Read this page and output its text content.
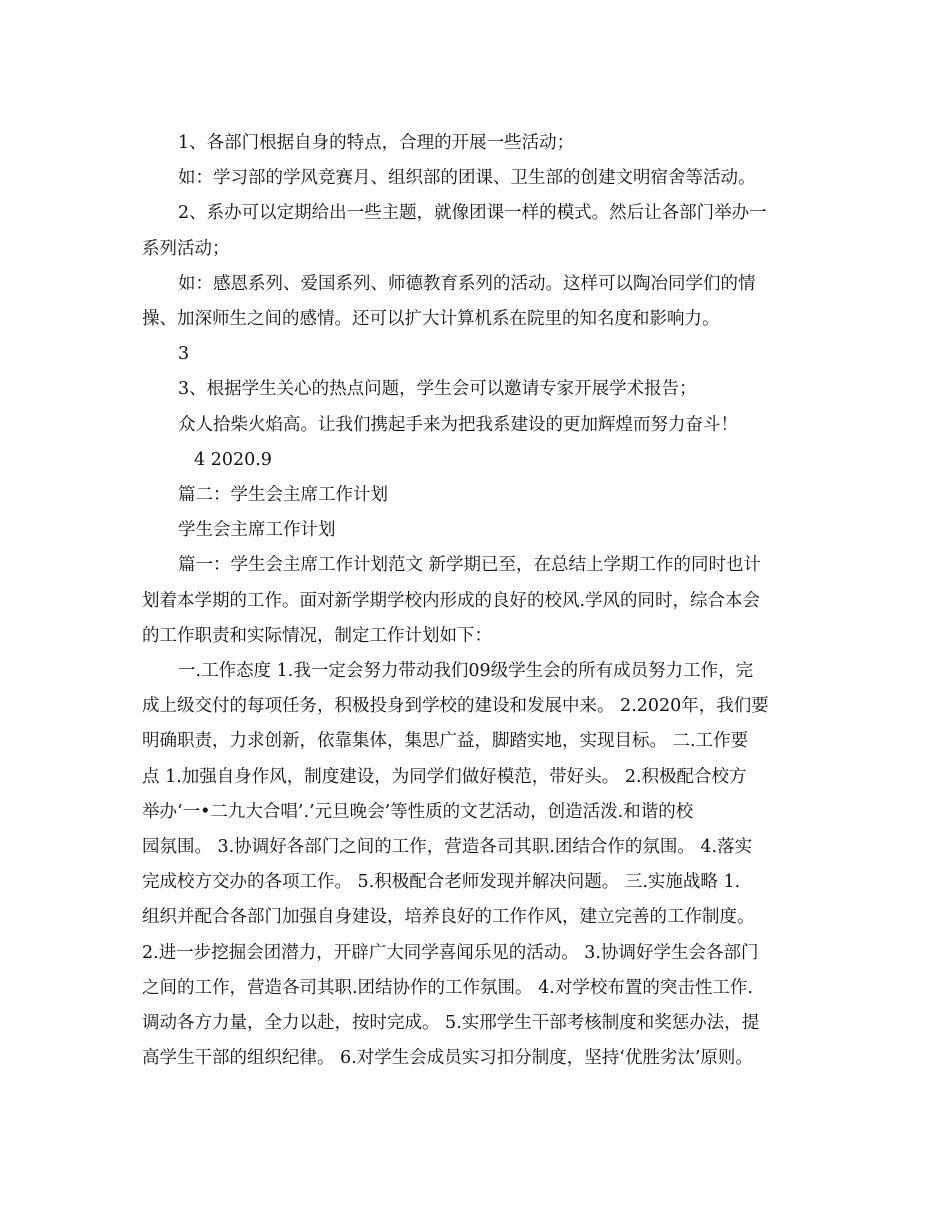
1、各部门根据自身的特点，合理的开展一些活动；

如：学习部的学风竞赛月、组织部的团课、卫生部的创建文明宿舍等活动。

2、系办可以定期给出一些主题，就像团课一样的模式。然后让各部门举办一

系列活动；

如：感恩系列、爱国系列、师德教育系列的活动。这样可以陶冶同学们的情

操、加深师生之间的感情。还可以扩大计算机系在院里的知名度和影响力。

3

3、根据学生关心的热点问题，学生会可以邀请专家开展学术报告；

众人拾柴火焰高。让我们携起手来为把我系建设的更加辉煌而努力奋斗！

4 2020.9

篇二：学生会主席工作计划

学生会主席工作计划

篇一：学生会主席工作计划范文 新学期已至，在总结上学期工作的同时也计

划着本学期的工作。面对新学期学校内形成的良好的校风.学风的同时，综合本会

的工作职责和实际情况，制定工作计划如下：

一.工作态度 1.我一定会努力带动我们09级学生会的所有成员努力工作，完

成上级交付的每项任务，积极投身到学校的建设和发展中来。 2.2020年，我们要

明确职责，力求创新，依靠集体，集思广益，脚踏实地，实现目标。 二.工作要

点 1.加强自身作风，制度建设，为同学们做好模范，带好头。 2.积极配合校方

举办‘一•二九大合唱’.’元旦晚会’等性质的文艺活动，创造活泼.和谐的校

园氛围。 3.协调好各部门之间的工作，营造各司其职.团结合作的氛围。 4.落实

完成校方交办的各项工作。 5.积极配合老师发现并解决问题。 三.实施战略 1.

组织并配合各部门加强自身建设，培养良好的工作作风，建立完善的工作制度。

2.进一步挖掘会团潜力，开辟广大同学喜闻乐见的活动。 3.协调好学生会各部门

之间的工作，营造各司其职.团结协作的工作氛围。 4.对学校布置的突击性工作.

调动各方力量，全力以赴，按时完成。 5.实邢学生干部考核制度和奖惩办法，提

高学生干部的组织纪律。 6.对学生会成员实习扣分制度，坚持‘优胜劣汰’原则。
